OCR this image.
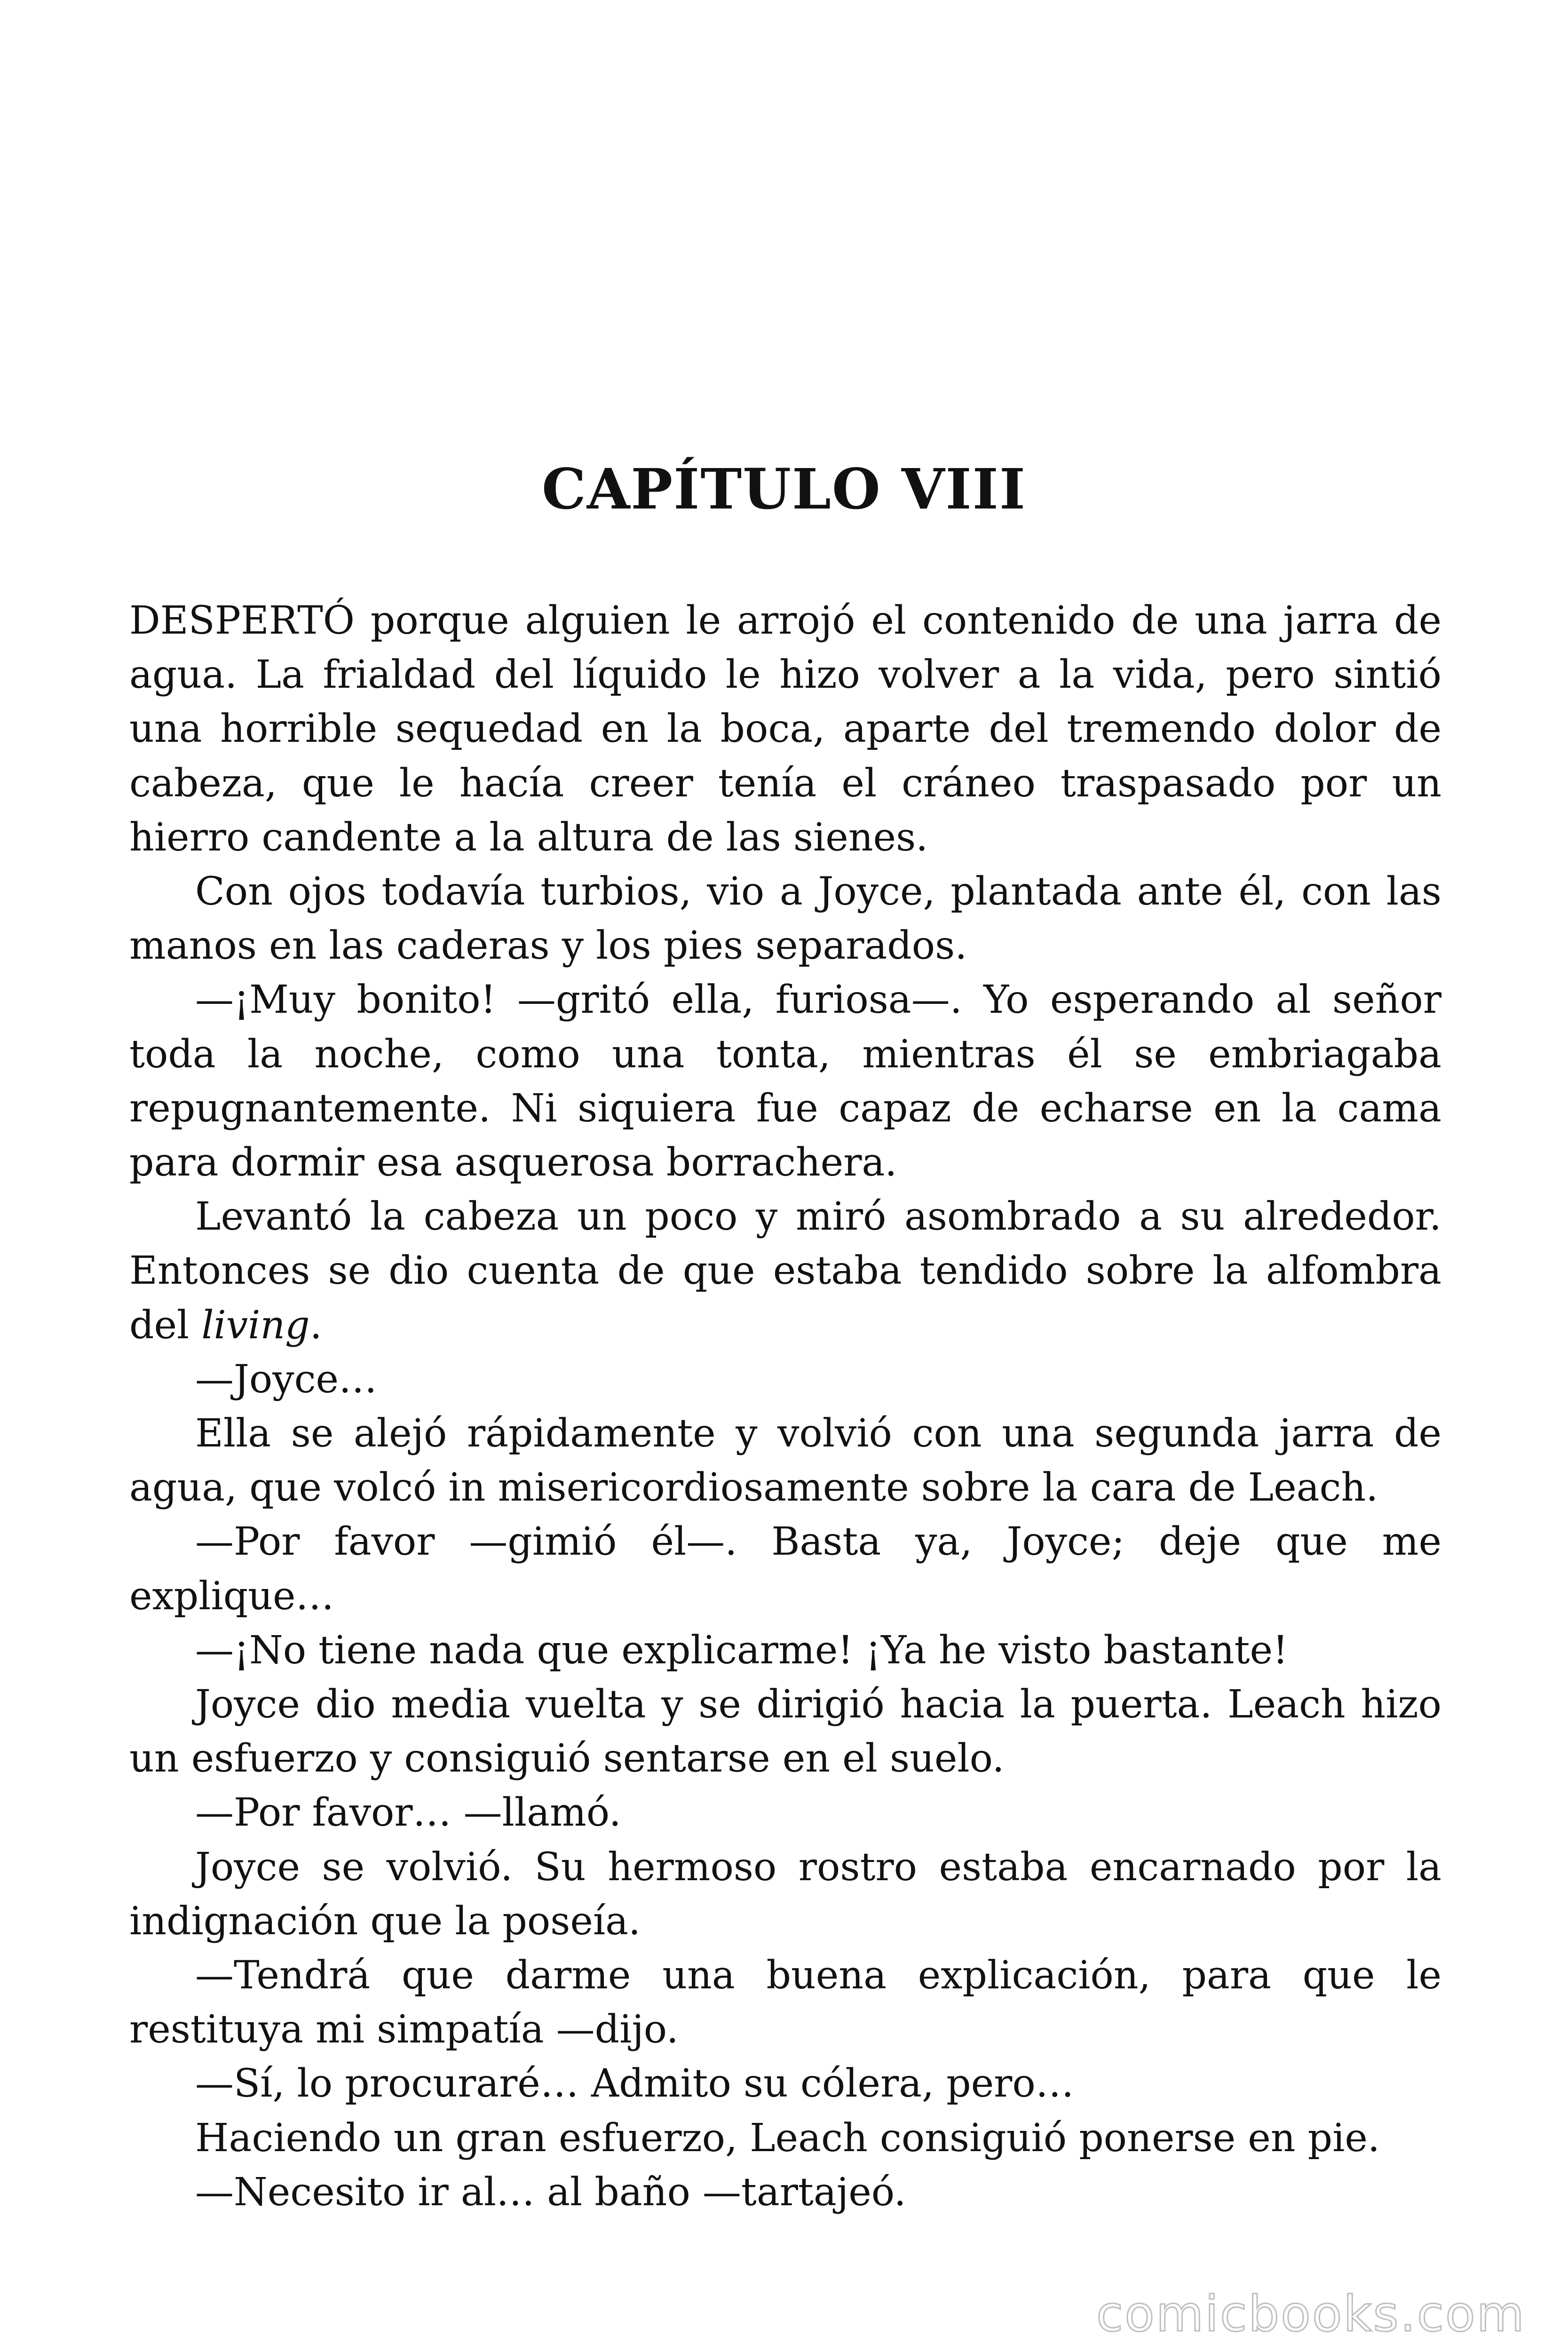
CAPÍTULO VIII

DESPERTÓ porque alguien le arrojó el contenido de una jarra de agua. La frialdad del líquido le hizo volver a la vida, pero sintió una horrible sequedad en la boca, aparte del tremendo dolor de cabeza, que le hacía creer tenía el cráneo traspasado por un hierro candente a la altura de las sienes.

Con ojos todavía turbios, vio a Joyce, plantada ante él, con las manos en las caderas y los pies separados.

—¡Muy bonito! —gritó ella, furiosa—. Yo esperando al señor toda la noche, como una tonta, mientras él se embriagaba repugnantemente. Ni siquiera fue capaz de echarse en la cama para dormir esa asquerosa borrachera.

Levantó la cabeza un poco y miró asombrado a su alrededor. Entonces se dio cuenta de que estaba tendido sobre la alfombra del living.

—Joyce…

Ella se alejó rápidamente y volvió con una segunda jarra de agua, que volcó in misericordiosamente sobre la cara de Leach.

—Por favor —gimió él—. Basta ya, Joyce; deje que me explique…

—¡No tiene nada que explicarme! ¡Ya he visto bastante!

Joyce dio media vuelta y se dirigió hacia la puerta. Leach hizo un esfuerzo y consiguió sentarse en el suelo.

—Por favor… —llamó.

Joyce se volvió. Su hermoso rostro estaba encarnado por la indignación que la poseía.

—Tendrá que darme una buena explicación, para que le restituya mi simpatía —dijo.

—Sí, lo procuraré… Admito su cólera, pero…

Haciendo un gran esfuerzo, Leach consiguió ponerse en pie.

—Necesito ir al… al baño —tartajeó.

comicbooks.com
